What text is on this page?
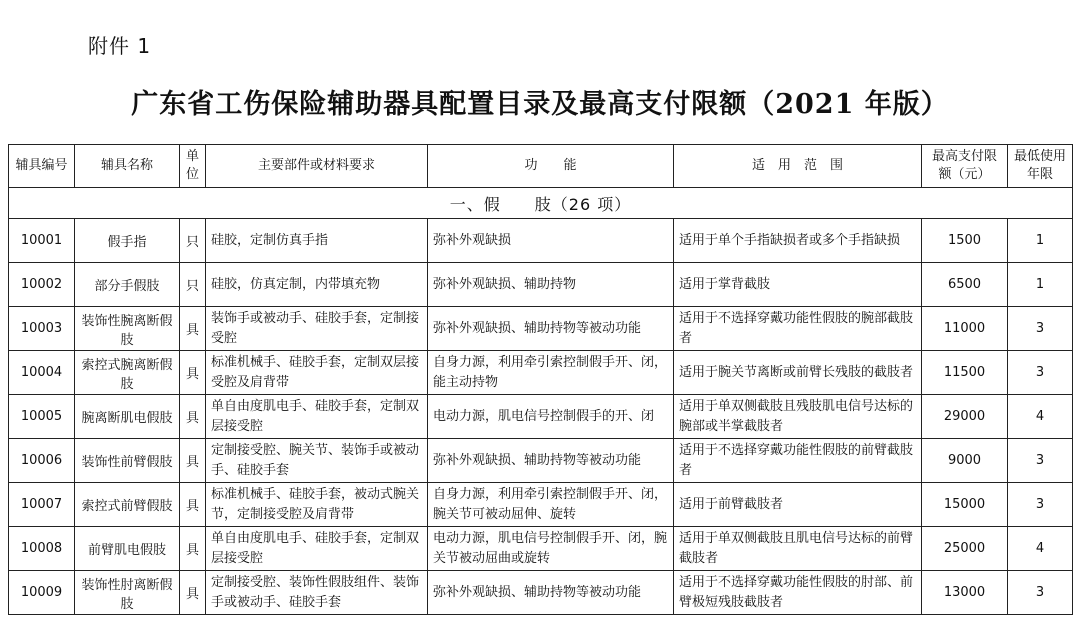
附件 1
广东省工伤保险辅助器具配置目录及最高支付限额（2021 年版）
辅具编号	辅具名称	单位	主要部件或材料要求	功　　能	适　用　范　围	最高支付限额（元）	最低使用年限
一、假　　肢（26 项）							
10001	假手指	只	硅胶，定制仿真手指	弥补外观缺损	适用于单个手指缺损者或多个手指缺损	1500	1
10002	部分手假肢	只	硅胶，仿真定制，内带填充物	弥补外观缺损、辅助持物	适用于掌背截肢	6500	1
10003	装饰性腕离断假肢	具	装饰手或被动手、硅胶手套，定制接受腔	弥补外观缺损、辅助持物等被动功能	适用于不选择穿戴功能性假肢的腕部截肢者	11000	3
10004	索控式腕离断假肢	具	标准机械手、硅胶手套，定制双层接受腔及肩背带	自身力源，利用牵引索控制假手开、闭，能主动持物	适用于腕关节离断或前臂长残肢的截肢者	11500	3
10005	腕离断肌电假肢	具	单自由度肌电手、硅胶手套，定制双层接受腔	电动力源，肌电信号控制假手的开、闭	适用于单双侧截肢且残肢肌电信号达标的腕部或半掌截肢者	29000	4
10006	装饰性前臂假肢	具	定制接受腔、腕关节、装饰手或被动手、硅胶手套	弥补外观缺损、辅助持物等被动功能	适用于不选择穿戴功能性假肢的前臂截肢者	9000	3
10007	索控式前臂假肢	具	标准机械手、硅胶手套，被动式腕关节，定制接受腔及肩背带	自身力源，利用牵引索控制假手开、闭，腕关节可被动屈伸、旋转	适用于前臂截肢者	15000	3
10008	前臂肌电假肢	具	单自由度肌电手、硅胶手套，定制双层接受腔	电动力源，肌电信号控制假手开、闭，腕关节被动屈曲或旋转	适用于单双侧截肢且肌电信号达标的前臂截肢者	25000	4
10009	装饰性肘离断假肢	具	定制接受腔、装饰性假肢组件、装饰手或被动手、硅胶手套	弥补外观缺损、辅助持物等被动功能	适用于不选择穿戴功能性假肢的肘部、前臂极短残肢截肢者	13000	3
